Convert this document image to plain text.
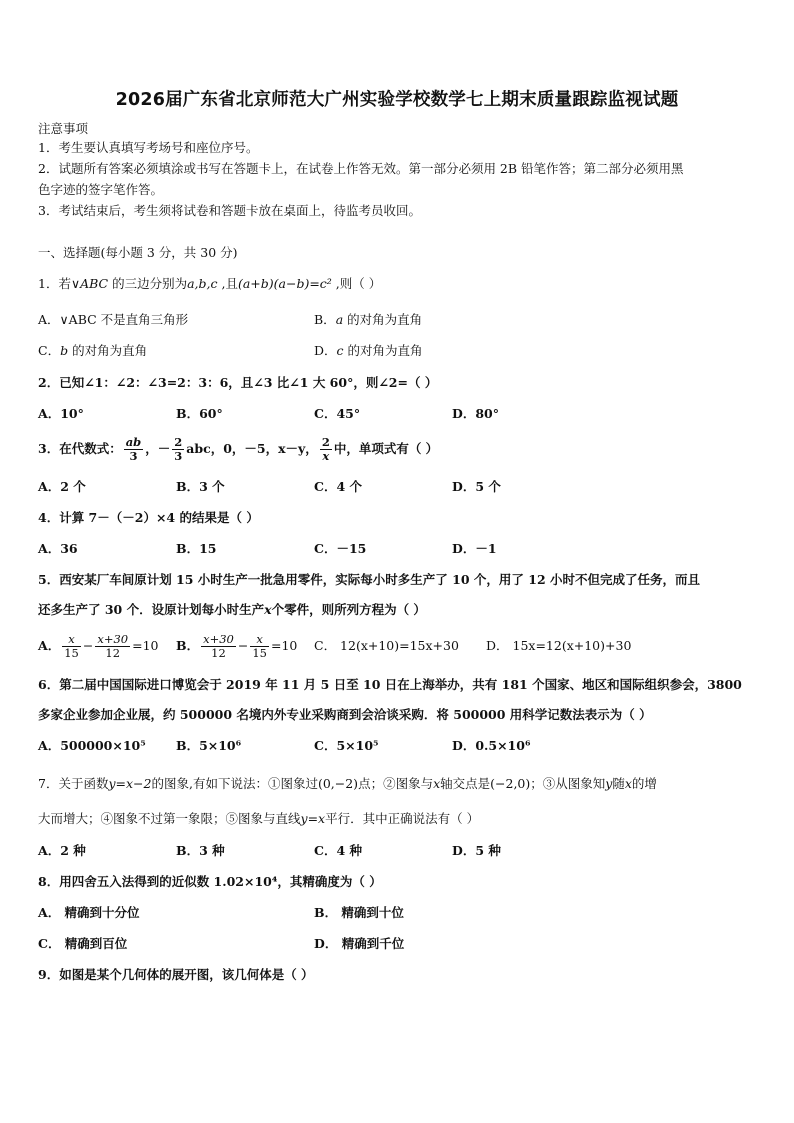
2026届广东省北京师范大广州实验学校数学七上期末质量跟踪监视试题
注意事项
1．考生要认真填写考场号和座位序号。
2．试题所有答案必须填涂或书写在答题卡上，在试卷上作答无效。第一部分必须用 2B 铅笔作答；第二部分必须用黑
色字迹的签字笔作答。
3．考试结束后，考生须将试卷和答题卡放在桌面上，待监考员收回。
一、选择题(每小题 3 分，共 30 分)
1．若∨ABC 的三边分别为a,b,c ,且(a+b)(a−b)=c² ,则（ ）
A．∨ABC 不是直角三角形	B．a 的对角为直角
C．b 的对角为直角	D．c 的对角为直角
2．已知∠1：∠2：∠3=2：3：6，且∠3 比∠1 大 60°，则∠2=（ ）
A．10°	B．60°	C．45°	D．80°
3．在代数式： $\frac{ab}{3}$ ，－ $\frac{2}{3}$ abc，0，－5，x－y， $\frac{2}{x}$ 中，单项式有（ ）
A．2 个	B．3 个	C．4 个	D．5 个
4．计算 7－（－2）×4 的结果是（ ）
A．36	B．15	C．－15	D．－1
5．西安某厂车间原计划 15 小时生产一批急用零件，实际每小时多生产了 10 个，用了 12 小时不但完成了任务，而且
还多生产了 30 个．设原计划每小时生产x个零件，则所列方程为（ ）
A． $\frac{x}{15} - \frac{x+30}{12} =10$ B． $\frac{x+30}{12} - \frac{x}{15} =10$ C． 12(x+10)=15x+30 D． 15x=12(x+10)+30
6．第二届中国国际进口博览会于 2019 年 11 月 5 日至 10 日在上海举办，共有 181 个国家、地区和国际组织参会，3800
多家企业参加企业展，约 500000 名境内外专业采购商到会洽谈采购．将 500000 用科学记数法表示为（ ）
A．500000×10⁵ B．5×10⁶	C．5×10⁵	D．0.5×10⁶
7．关于函数y=x−2的图象,有如下说法：①图象过(0,−2)点；②图象与x轴交点是(−2,0)；③从图象知y随x的增
大而增大；④图象不过第一象限；⑤图象与直线y=x平行．其中正确说法有（ ）
A．2 种	B．3 种	C．4 种	D．5 种
8．用四舍五入法得到的近似数 1.02×10⁴，其精确度为（ ）
A． 精确到十分位	B． 精确到十位
C． 精确到百位	D． 精确到千位
9．如图是某个几何体的展开图，该几何体是（ ）
